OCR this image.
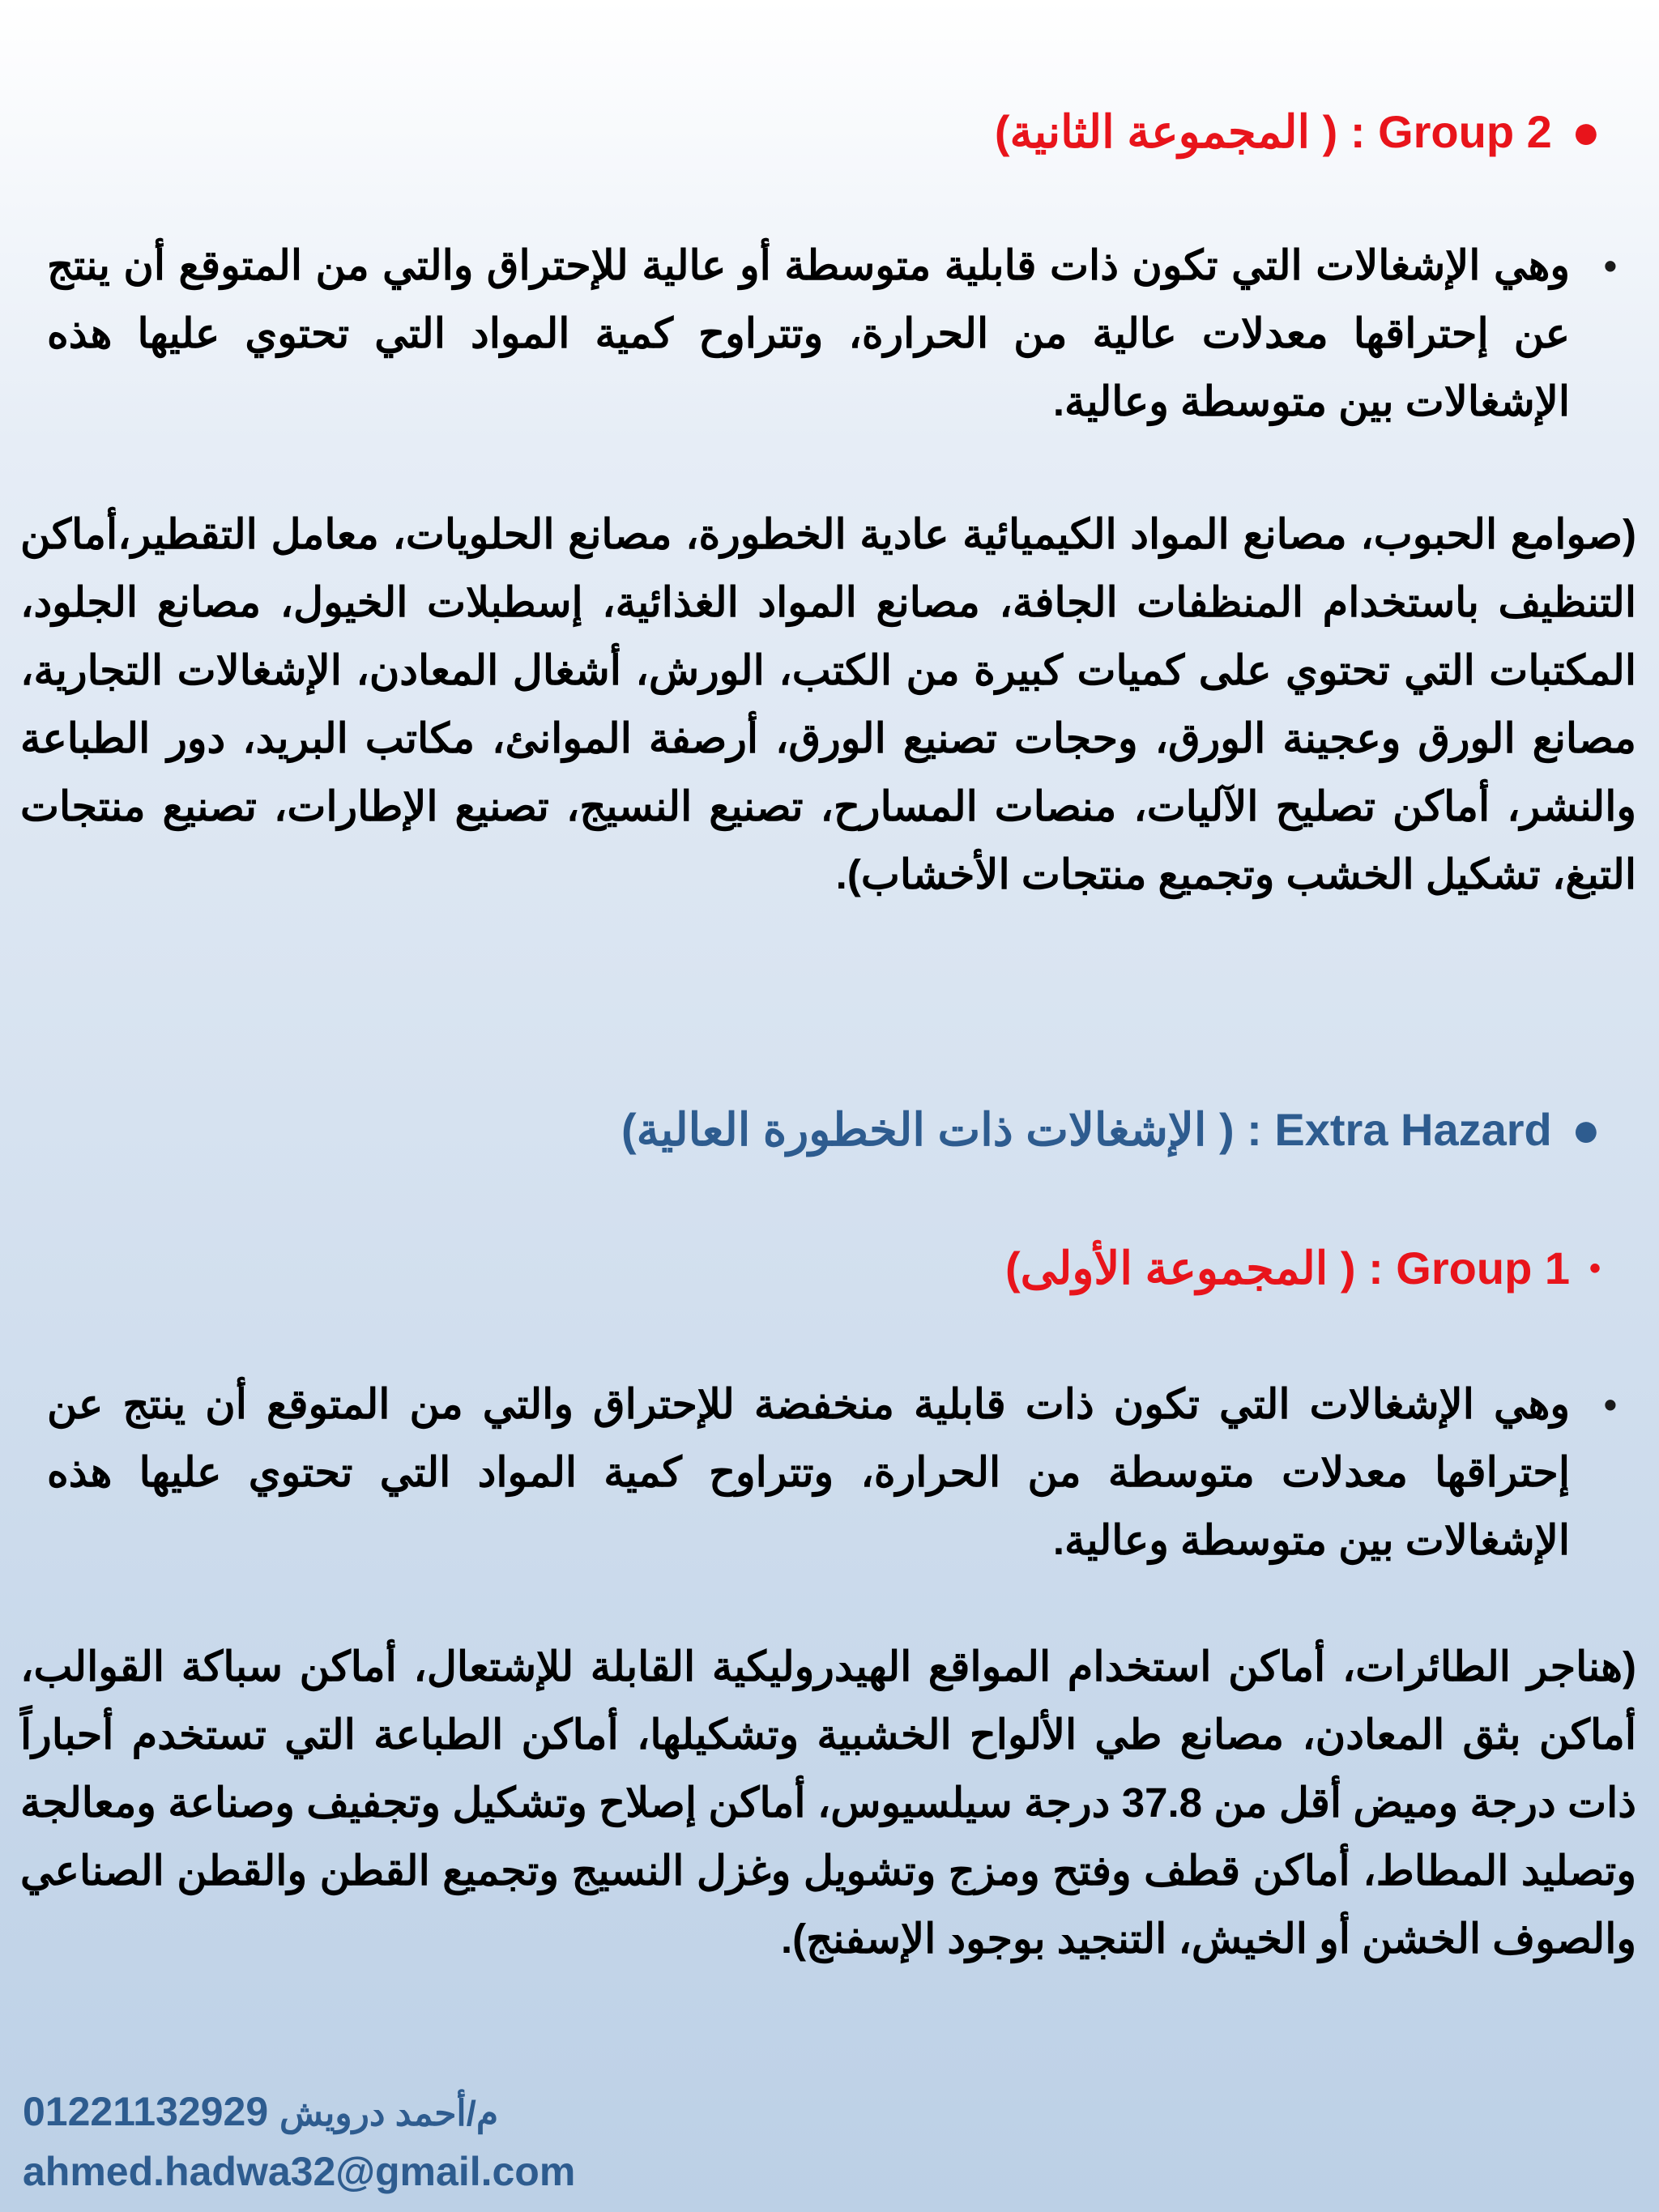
●
Group 2 : ( المجموعة الثانية)
•
وهي الإشغالات التي تكون ذات قابلية متوسطة أو عالية للإحتراق والتي من المتوقع أن ينتج عن إحتراقها معدلات عالية من الحرارة، وتتراوح كمية المواد التي تحتوي عليها هذه الإشغالات بين متوسطة وعالية.
(صوامع الحبوب، مصانع المواد الكيميائية عادية الخطورة، مصانع الحلويات، معامل التقطير،أماكن التنظيف باستخدام المنظفات الجافة، مصانع المواد الغذائية، إسطبلات الخيول، مصانع الجلود، المكتبات التي تحتوي على كميات كبيرة من الكتب، الورش، أشغال المعادن، الإشغالات التجارية، مصانع الورق وعجينة الورق، وحجات تصنيع الورق، أرصفة الموانئ، مكاتب البريد، دور الطباعة والنشر، أماكن تصليح الآليات، منصات المسارح، تصنيع النسيج، تصنيع الإطارات، تصنيع منتجات التبغ، تشكيل الخشب وتجميع منتجات الأخشاب).
●
Extra Hazard : ( الإشغالات ذات الخطورة العالية)
•
Group 1 : ( المجموعة الأولى)
•
وهي الإشغالات التي تكون ذات قابلية منخفضة للإحتراق والتي من المتوقع أن ينتج عن إحتراقها معدلات متوسطة من الحرارة، وتتراوح كمية المواد التي تحتوي عليها هذه الإشغالات بين متوسطة وعالية.
(هناجر الطائرات، أماكن استخدام المواقع الهيدروليكية القابلة للإشتعال، أماكن سباكة القوالب، أماكن بثق المعادن، مصانع طي الألواح الخشبية وتشكيلها، أماكن الطباعة التي تستخدم أحباراً ذات درجة وميض أقل من 37.8 درجة سيلسيوس، أماكن إصلاح وتشكيل وتجفيف وصناعة ومعالجة وتصليد المطاط، أماكن قطف وفتح ومزج وتشويل وغزل النسيج وتجميع القطن والقطن الصناعي والصوف الخشن أو الخيش، التنجيد بوجود الإسفنج).
01221132929 م/أحمد درويش
ahmed.hadwa32@gmail.com
